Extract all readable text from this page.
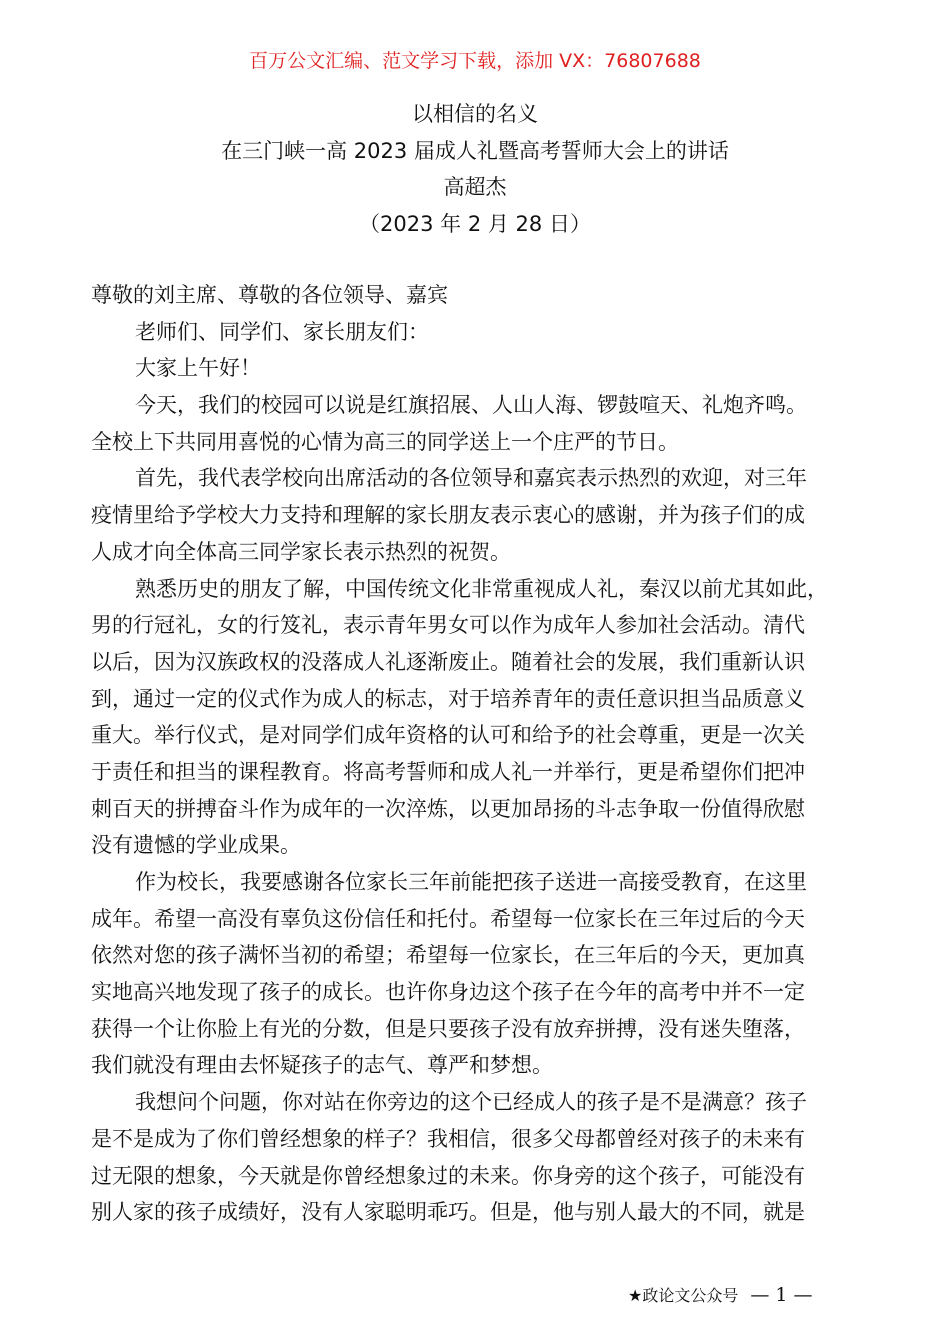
百万公文汇编、范文学习下载，添加 VX：76807688
以相信的名义
在三门峡一高 2023 届成人礼暨高考誓师大会上的讲话
高超杰
（2023 年 2 月 28 日）
尊敬的刘主席、尊敬的各位领导、嘉宾
老师们、同学们、家长朋友们：
大家上午好！
今天，我们的校园可以说是红旗招展、人山人海、锣鼓喧天、礼炮齐鸣。
全校上下共同用喜悦的心情为高三的同学送上一个庄严的节日。
首先，我代表学校向出席活动的各位领导和嘉宾表示热烈的欢迎，对三年
疫情里给予学校大力支持和理解的家长朋友表示衷心的感谢，并为孩子们的成
人成才向全体高三同学家长表示热烈的祝贺。
熟悉历史的朋友了解，中国传统文化非常重视成人礼，秦汉以前尤其如此，
男的行冠礼，女的行笈礼，表示青年男女可以作为成年人参加社会活动。清代
以后，因为汉族政权的没落成人礼逐渐废止。随着社会的发展，我们重新认识
到，通过一定的仪式作为成人的标志，对于培养青年的责任意识担当品质意义
重大。举行仪式，是对同学们成年资格的认可和给予的社会尊重，更是一次关
于责任和担当的课程教育。将高考誓师和成人礼一并举行，更是希望你们把冲
刺百天的拼搏奋斗作为成年的一次淬炼，以更加昂扬的斗志争取一份值得欣慰
没有遗憾的学业成果。
作为校长，我要感谢各位家长三年前能把孩子送进一高接受教育，在这里
成年。希望一高没有辜负这份信任和托付。希望每一位家长在三年过后的今天
依然对您的孩子满怀当初的希望；希望每一位家长，在三年后的今天，更加真
实地高兴地发现了孩子的成长。也许你身边这个孩子在今年的高考中并不一定
获得一个让你脸上有光的分数，但是只要孩子没有放弃拼搏，没有迷失堕落，
我们就没有理由去怀疑孩子的志气、尊严和梦想。
我想问个问题，你对站在你旁边的这个已经成人的孩子是不是满意？孩子
是不是成为了你们曾经想象的样子？我相信，很多父母都曾经对孩子的未来有
过无限的想象，今天就是你曾经想象过的未来。你身旁的这个孩子，可能没有
别人家的孩子成绩好，没有人家聪明乖巧。但是，他与别人最大的不同，就是
★政论文公众号 — 1 —
